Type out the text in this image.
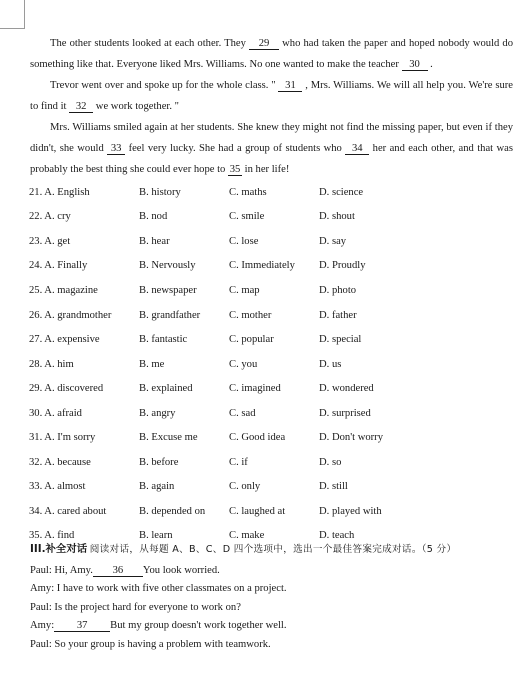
The other students looked at each other. They 29 who had taken the paper and hoped nobody would do something like that. Everyone liked Mrs. Williams. No one wanted to make the teacher 30 .

Trevor went over and spoke up for the whole class. " 31 , Mrs. Williams. We will all help you. We're sure to find it 32 we work together. "

Mrs. Williams smiled again at her students. She knew they might not find the missing paper, but even if they didn't, she would 33 feel very lucky. She had a group of students who 34 her and each other, and that was probably the best thing she could ever hope to 35 in her life!

21. A. English	B. history	C. maths	D. science
22. A. cry	B. nod	C. smile	D. shout
23. A. get	B. hear	C. lose	D. say
24. A. Finally	B. Nervously	C. Immediately	D. Proudly
25. A. magazine	B. newspaper	C. map	D. photo
26. A. grandmother	B. grandfather	C. mother	D. father
27. A. expensive	B. fantastic	C. popular	D. special
28. A. him	B. me	C. you	D. us
29. A. discovered	B. explained	C. imagined	D. wondered
30. A. afraid	B. angry	C. sad	D. surprised
31. A. I'm sorry	B. Excuse me	C. Good idea	D. Don't worry
32. A. because	B. before	C. if	D. so
33. A. almost	B. again	C. only	D. still
34. A. cared about	B. depended on	C. laughed at	D. played with
35. A. find	B. learn	C. make	D. teach
III.补全对话 阅读对话，从每题 A、B、C、D 四个选项中，选出一个最佳答案完成对话。（5 分）
Paul: Hi, Amy. 36 You look worried.
Amy: I have to work with five other classmates on a project.
Paul: Is the project hard for everyone to work on?
Amy: 37 But my group doesn't work together well.
Paul: So your group is having a problem with teamwork.
